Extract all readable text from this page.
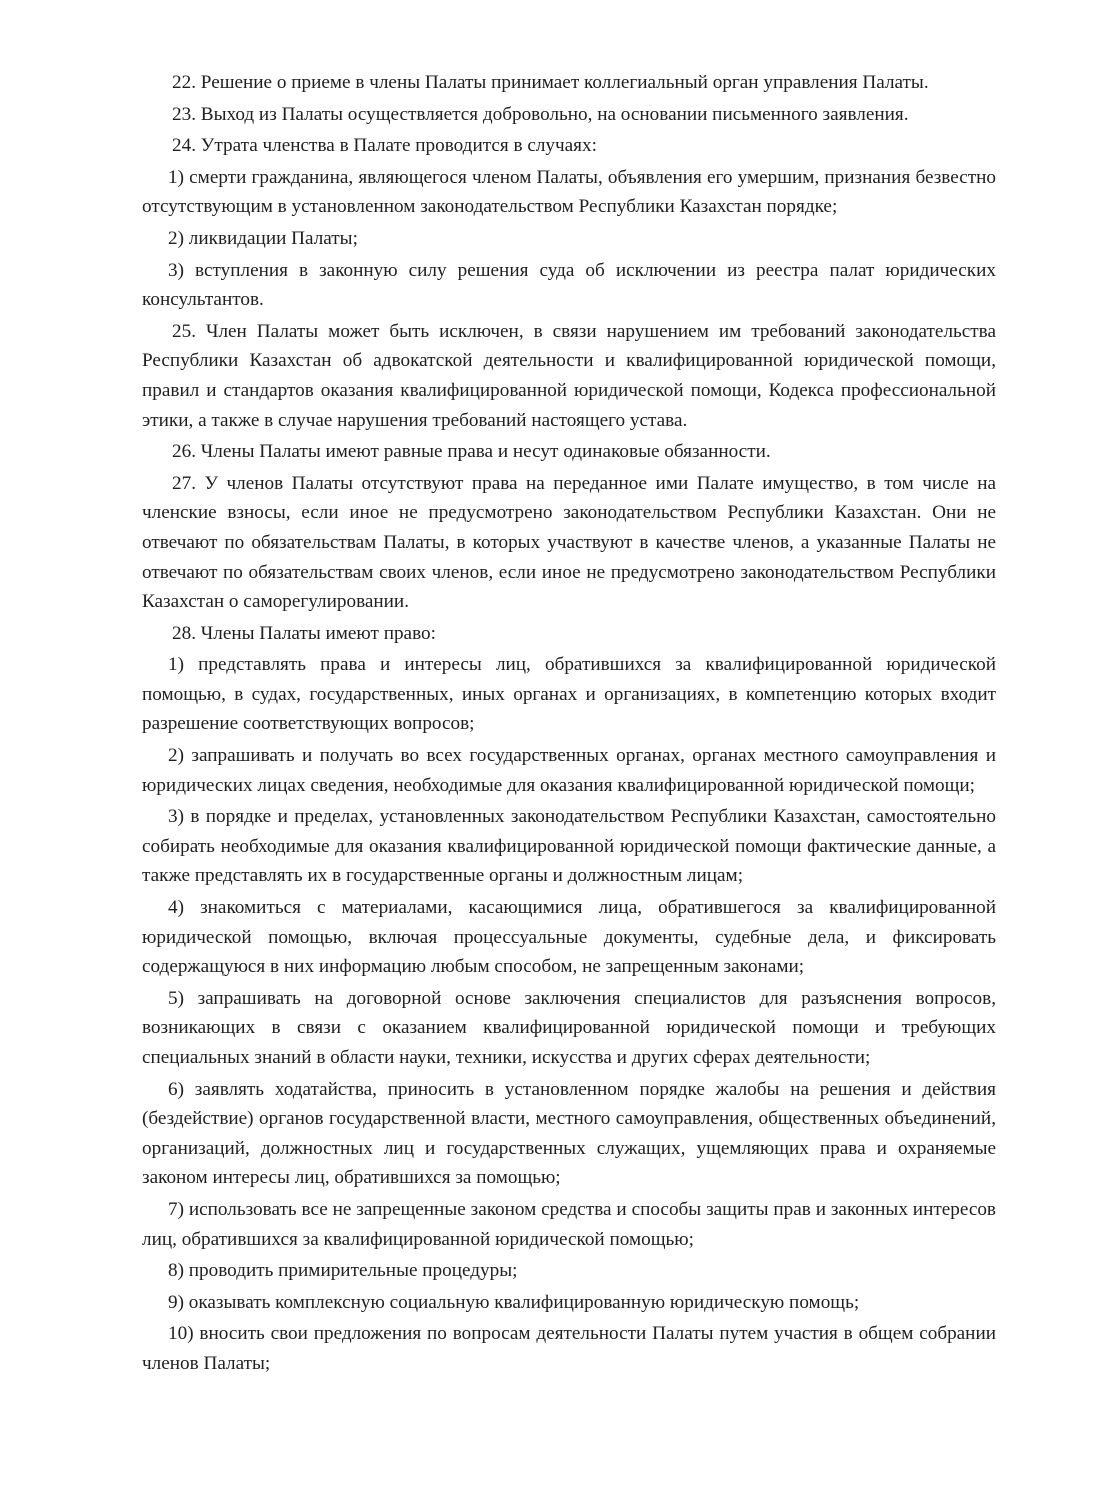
22. Решение о приеме в члены Палаты принимает коллегиальный орган управления Палаты.

23. Выход из Палаты осуществляется добровольно, на основании письменного заявления.

24. Утрата членства в Палате проводится в случаях:

1) смерти гражданина, являющегося членом Палаты, объявления его умершим, признания безвестно отсутствующим в установленном законодательством Республики Казахстан порядке;

2) ликвидации Палаты;

3) вступления в законную силу решения суда об исключении из реестра палат юридических консультантов.

25. Член Палаты может быть исключен, в связи нарушением им требований законодательства Республики Казахстан об адвокатской деятельности и квалифицированной юридической помощи, правил и стандартов оказания квалифицированной юридической помощи, Кодекса профессиональной этики, а также в случае нарушения требований настоящего устава.

26. Члены Палаты имеют равные права и несут одинаковые обязанности.

27. У членов Палаты отсутствуют права на переданное ими Палате имущество, в том числе на членские взносы, если иное не предусмотрено законодательством Республики Казахстан. Они не отвечают по обязательствам Палаты, в которых участвуют в качестве членов, а указанные Палаты не отвечают по обязательствам своих членов, если иное не предусмотрено законодательством Республики Казахстан о саморегулировании.

28. Члены Палаты имеют право:

1) представлять права и интересы лиц, обратившихся за квалифицированной юридической помощью, в судах, государственных, иных органах и организациях, в компетенцию которых входит разрешение соответствующих вопросов;

2) запрашивать и получать во всех государственных органах, органах местного самоуправления и юридических лицах сведения, необходимые для оказания квалифицированной юридической помощи;

3) в порядке и пределах, установленных законодательством Республики Казахстан, самостоятельно собирать необходимые для оказания квалифицированной юридической помощи фактические данные, а также представлять их в государственные органы и должностным лицам;

4) знакомиться с материалами, касающимися лица, обратившегося за квалифицированной юридической помощью, включая процессуальные документы, судебные дела, и фиксировать содержащуюся в них информацию любым способом, не запрещенным законами;

5) запрашивать на договорной основе заключения специалистов для разъяснения вопросов, возникающих в связи с оказанием квалифицированной юридической помощи и требующих специальных знаний в области науки, техники, искусства и других сферах деятельности;

6) заявлять ходатайства, приносить в установленном порядке жалобы на решения и действия (бездействие) органов государственной власти, местного самоуправления, общественных объединений, организаций, должностных лиц и государственных служащих, ущемляющих права и охраняемые законом интересы лиц, обратившихся за помощью;

7) использовать все не запрещенные законом средства и способы защиты прав и законных интересов лиц, обратившихся за квалифицированной юридической помощью;

8) проводить примирительные процедуры;

9) оказывать комплексную социальную квалифицированную юридическую помощь;

10) вносить свои предложения по вопросам деятельности Палаты путем участия в общем собрании членов Палаты;
